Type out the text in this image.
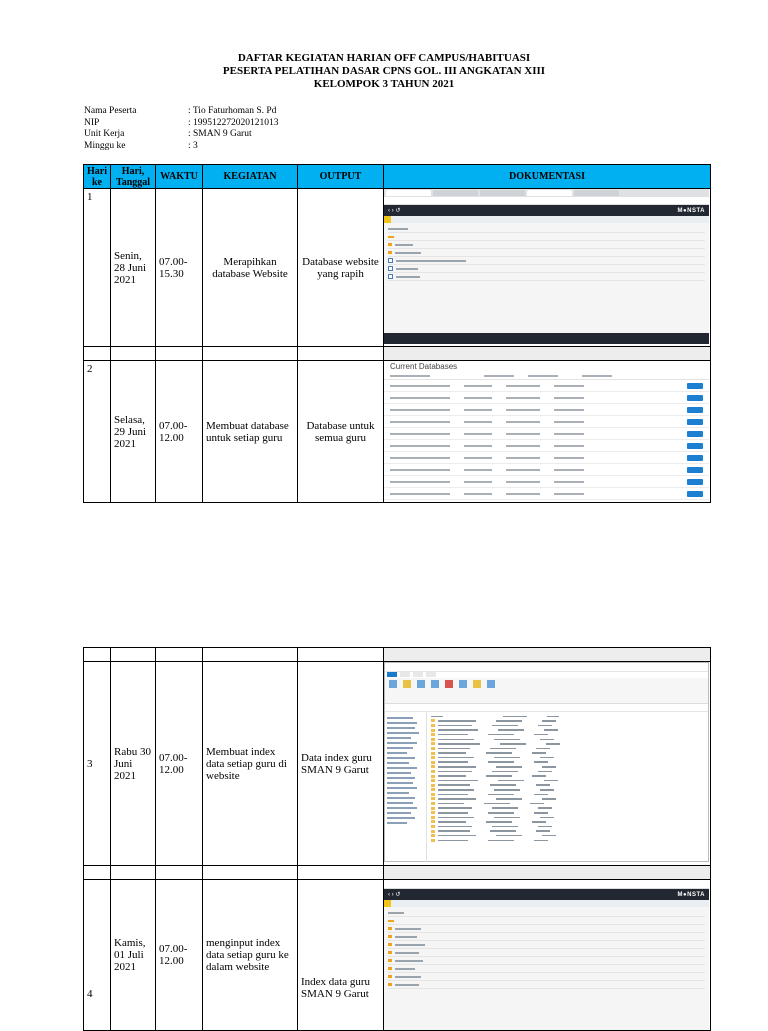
DAFTAR KEGIATAN HARIAN OFF CAMPUS/HABITUASI
PESERTA PELATIHAN DASAR CPNS GOL. III ANGKATAN XIII
KELOMPOK 3 TAHUN 2021
Nama Peserta	: Tio Faturhoman S. Pd
NIP	: 199512272020121013
Unit Kerja	: SMAN 9 Garut
Minggu ke	: 3
Hari ke	Hari, Tanggal	WAKTU	KEGIATAN	OUTPUT	DOKUMENTASI

1	Senin, 28 Juni 2021	07.00- 15.30	Merapihkan database Website	Database website yang rapih	‹ › ↺ M●NSTA

2	Selasa, 29 Juni 2021	07.00- 12.00	Membuat database untuk setiap guru	Database untuk semua guru	Current Databases

3	Rabu 30 Juni 2021	07.00- 12.00	Membuat index data setiap guru di website	Data index guru SMAN 9 Garut	

4	Kamis, 01 Juli 2021	07.00- 12.00	menginput index data setiap guru ke dalam website	Index data guru SMAN 9 Garut	‹ › ↺ M●NSTA
